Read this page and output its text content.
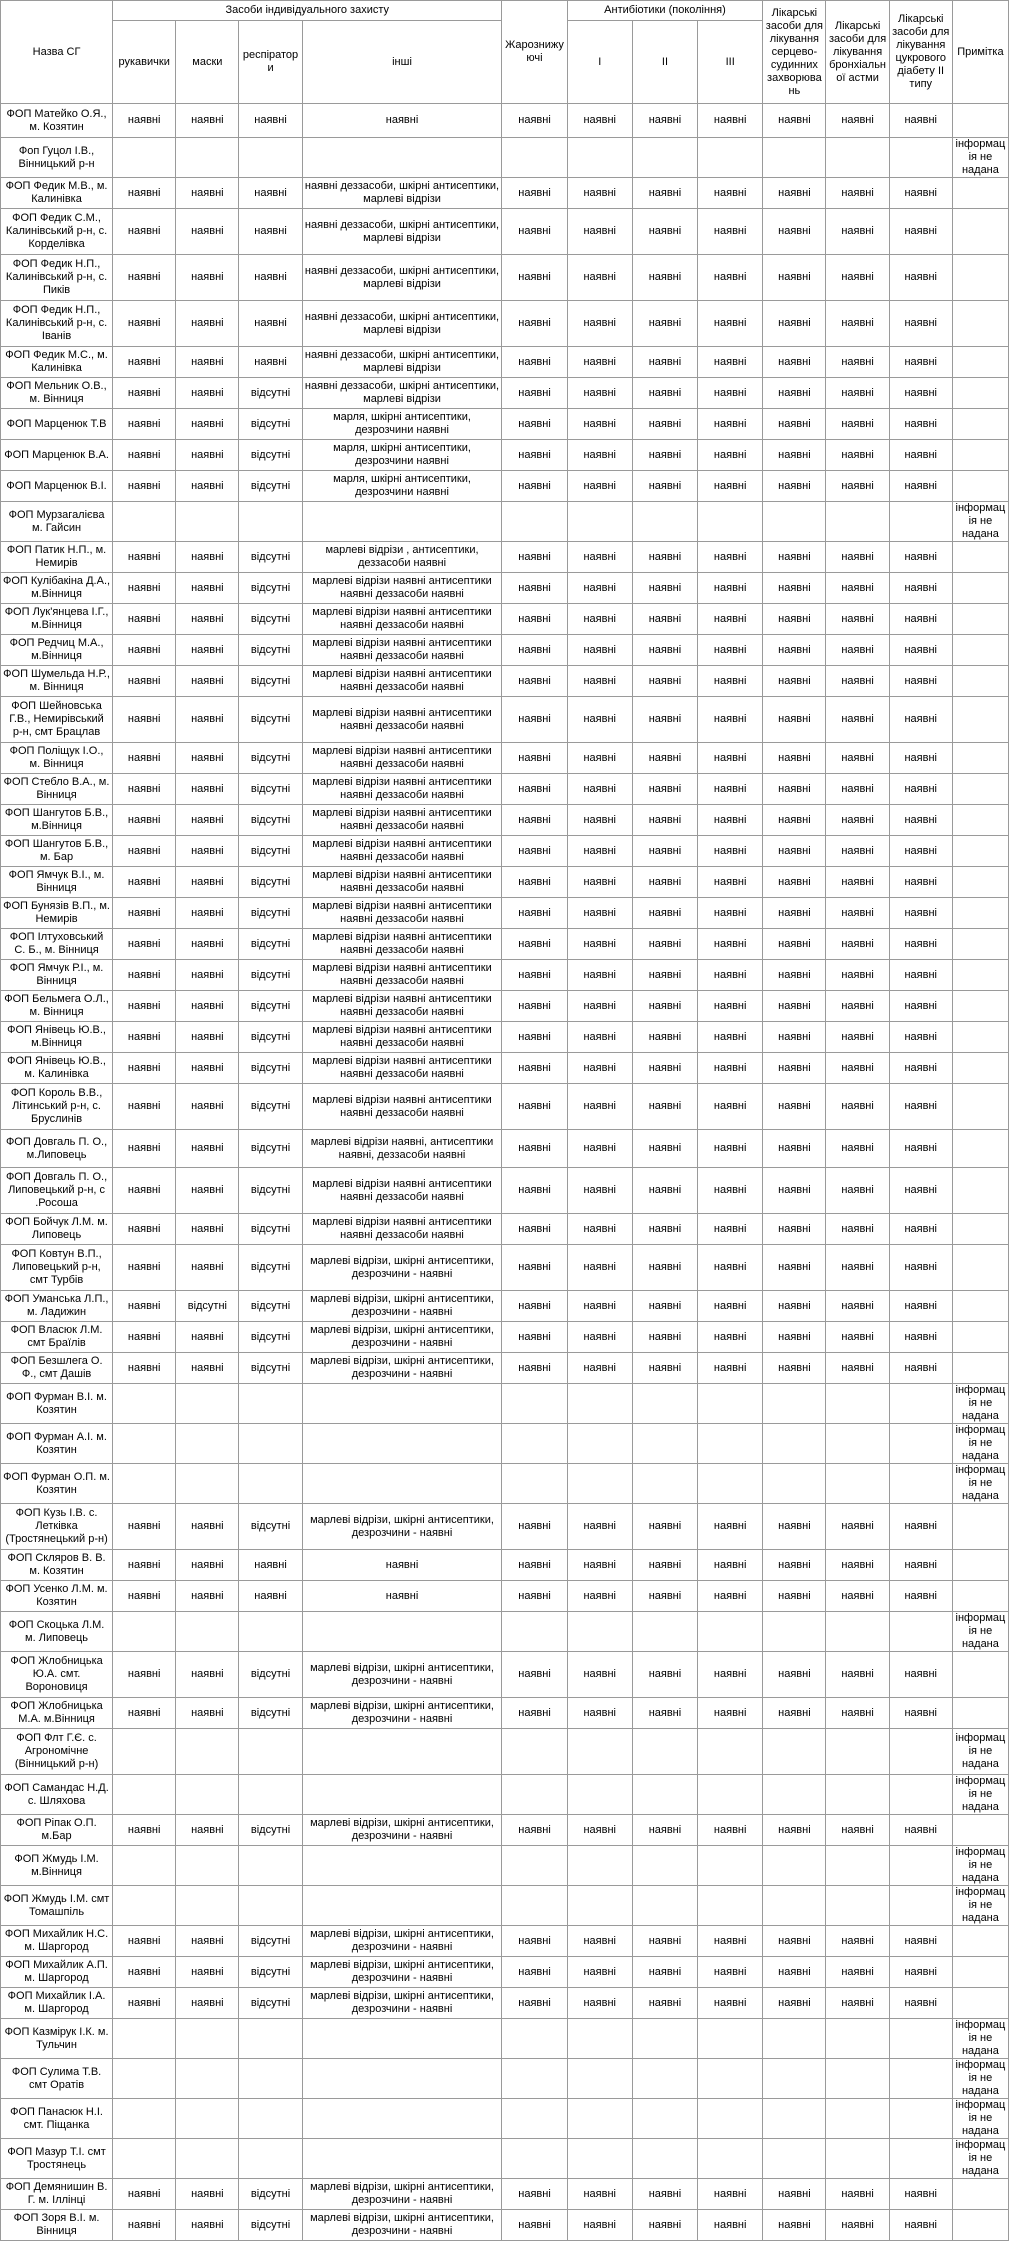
Назва СГ	Засоби індивідуального захисту				Жарознижуючі	Антибіотики (покоління)			Лікарські засоби для лікування серцево-судинних захворювань	Лікарські засоби для лікування бронхіальної астми	Лікарські засоби для лікування цукрового діабету ІІ типу	Примітка
	рукавички	маски	респіратор и	інші		І	ІІ	ІІІ				
ФОП Матейко О.Я., м. Козятин	наявні	наявні	наявні	наявні	наявні	наявні	наявні	наявні	наявні	наявні	наявні	
Фоп Гуцол І.В., Вінницький р-н												інформація не надана
ФОП Федик М.В., м. Калинівка	наявні	наявні	наявні	наявні деззасоби, шкірні антисептики, марлеві відрізи	наявні	наявні	наявні	наявні	наявні	наявні	наявні	
ФОП Федик С.М., Калинівський р-н, с. Корделівка	наявні	наявні	наявні	наявні деззасоби, шкірні антисептики, марлеві відрізи	наявні	наявні	наявні	наявні	наявні	наявні	наявні	
ФОП Федик Н.П., Калинівський р-н, с. Пиків	наявні	наявні	наявні	наявні деззасоби, шкірні антисептики, марлеві відрізи	наявні	наявні	наявні	наявні	наявні	наявні	наявні	
ФОП Федик Н.П., Калинівський р-н, с. Іванів	наявні	наявні	наявні	наявні деззасоби, шкірні антисептики, марлеві відрізи	наявні	наявні	наявні	наявні	наявні	наявні	наявні	
ФОП Федик М.С., м. Калинівка	наявні	наявні	наявні	наявні деззасоби, шкірні антисептики, марлеві відрізи	наявні	наявні	наявні	наявні	наявні	наявні	наявні	
ФОП Мельник О.В., м. Вінниця	наявні	наявні	відсутні	наявні деззасоби, шкірні антисептики, марлеві відрізи	наявні	наявні	наявні	наявні	наявні	наявні	наявні	
ФОП Марценюк Т.В	наявні	наявні	відсутні	марля, шкірні антисептики, дезрозчини наявні	наявні	наявні	наявні	наявні	наявні	наявні	наявні	
ФОП Марценюк В.А.	наявні	наявні	відсутні	марля, шкірні антисептики, дезрозчини наявні	наявні	наявні	наявні	наявні	наявні	наявні	наявні	
ФОП Марценюк В.І.	наявні	наявні	відсутні	марля, шкірні антисептики, дезрозчини наявні	наявні	наявні	наявні	наявні	наявні	наявні	наявні	
ФОП Мурзагалієва м. Гайсин												інформація не надана
ФОП Патик Н.П., м. Немирів	наявні	наявні	відсутні	марлеві відрізи , антисептики, деззасоби наявні	наявні	наявні	наявні	наявні	наявні	наявні	наявні	
ФОП Кулібакіна Д.А., м.Вінниця	наявні	наявні	відсутні	марлеві відрізи наявні антисептики наявні деззасоби наявні	наявні	наявні	наявні	наявні	наявні	наявні	наявні	
ФОП Лук'янцева І.Г., м.Вінниця	наявні	наявні	відсутні	марлеві відрізи наявні антисептики наявні деззасоби наявні	наявні	наявні	наявні	наявні	наявні	наявні	наявні	
ФОП Редчиц М.А., м.Вінниця	наявні	наявні	відсутні	марлеві відрізи наявні антисептики наявні деззасоби наявні	наявні	наявні	наявні	наявні	наявні	наявні	наявні	
ФОП Шумельда Н.Р., м. Вінниця	наявні	наявні	відсутні	марлеві відрізи наявні антисептики наявні деззасоби наявні	наявні	наявні	наявні	наявні	наявні	наявні	наявні	
ФОП Шейновська Г.В., Немирівський р-н, смт Брацлав	наявні	наявні	відсутні	марлеві відрізи наявні антисептики наявні деззасоби наявні	наявні	наявні	наявні	наявні	наявні	наявні	наявні	
ФОП Поліщук І.О., м. Вінниця	наявні	наявні	відсутні	марлеві відрізи наявні антисептики наявні деззасоби наявні	наявні	наявні	наявні	наявні	наявні	наявні	наявні	
ФОП Стебло В.А., м. Вінниця	наявні	наявні	відсутні	марлеві відрізи наявні антисептики наявні деззасоби наявні	наявні	наявні	наявні	наявні	наявні	наявні	наявні	
ФОП Шангутов Б.В., м.Вінниця	наявні	наявні	відсутні	марлеві відрізи наявні антисептики наявні деззасоби наявні	наявні	наявні	наявні	наявні	наявні	наявні	наявні	
ФОП Шангутов Б.В., м. Бар	наявні	наявні	відсутні	марлеві відрізи наявні антисептики наявні деззасоби наявні	наявні	наявні	наявні	наявні	наявні	наявні	наявні	
ФОП Ямчук В.І., м. Вінниця	наявні	наявні	відсутні	марлеві відрізи наявні антисептики наявні деззасоби наявні	наявні	наявні	наявні	наявні	наявні	наявні	наявні	
ФОП Бунязів В.П., м. Немирів	наявні	наявні	відсутні	марлеві відрізи наявні антисептики наявні деззасоби наявні	наявні	наявні	наявні	наявні	наявні	наявні	наявні	
ФОП Ілтуховський С. Б., м. Вінниця	наявні	наявні	відсутні	марлеві відрізи наявні антисептики наявні деззасоби наявні	наявні	наявні	наявні	наявні	наявні	наявні	наявні	
ФОП Ямчук Р.І., м. Вінниця	наявні	наявні	відсутні	марлеві відрізи наявні антисептики наявні деззасоби наявні	наявні	наявні	наявні	наявні	наявні	наявні	наявні	
ФОП Бельмега О.Л., м. Вінниця	наявні	наявні	відсутні	марлеві відрізи наявні антисептики наявні деззасоби наявні	наявні	наявні	наявні	наявні	наявні	наявні	наявні	
ФОП Янівець Ю.В., м.Вінниця	наявні	наявні	відсутні	марлеві відрізи наявні антисептики наявні деззасоби наявні	наявні	наявні	наявні	наявні	наявні	наявні	наявні	
ФОП Янівець Ю.В., м. Калинівка	наявні	наявні	відсутні	марлеві відрізи наявні антисептики наявні деззасоби наявні	наявні	наявні	наявні	наявні	наявні	наявні	наявні	
ФОП Король В.В., Літинський р-н, с. Бруслинів	наявні	наявні	відсутні	марлеві відрізи наявні антисептики наявні деззасоби наявні	наявні	наявні	наявні	наявні	наявні	наявні	наявні	
ФОП Довгаль П. О., м.Липовець	наявні	наявні	відсутні	марлеві відрізи наявні, антисептики наявні, деззасоби наявні	наявні	наявні	наявні	наявні	наявні	наявні	наявні	
ФОП Довгаль П. О., Липовецький р-н, с .Росоша	наявні	наявні	відсутні	марлеві відрізи наявні антисептики наявні деззасоби наявні	наявні	наявні	наявні	наявні	наявні	наявні	наявні	
ФОП Бойчук Л.М. м. Липовець	наявні	наявні	відсутні	марлеві відрізи наявні антисептики наявні деззасоби наявні	наявні	наявні	наявні	наявні	наявні	наявні	наявні	
ФОП Ковтун В.П., Липовецький р-н, смт Турбів	наявні	наявні	відсутні	марлеві відрізи, шкірні антисептики, дезрозчини - наявні	наявні	наявні	наявні	наявні	наявні	наявні	наявні	
ФОП Уманська Л.П., м. Ладижин	наявні	відсутні	відсутні	марлеві відрізи, шкірні антисептики, дезрозчини - наявні	наявні	наявні	наявні	наявні	наявні	наявні	наявні	
ФОП Власюк Л.М. смт Браїлів	наявні	наявні	відсутні	марлеві відрізи, шкірні антисептики, дезрозчини - наявні	наявні	наявні	наявні	наявні	наявні	наявні	наявні	
ФОП Безшлега О. Ф., смт Дашів	наявні	наявні	відсутні	марлеві відрізи, шкірні антисептики, дезрозчини - наявні	наявні	наявні	наявні	наявні	наявні	наявні	наявні	
ФОП Фурман В.І. м. Козятин												інформація не надана
ФОП Фурман А.І. м. Козятин												інформація не надана
ФОП Фурман О.П. м. Козятин												інформація не надана
ФОП Кузь І.В. с. Летківка (Тростянецький р-н)	наявні	наявні	відсутні	марлеві відрізи, шкірні антисептики, дезрозчини - наявні	наявні	наявні	наявні	наявні	наявні	наявні	наявні	
ФОП Скляров В. В. м. Козятин	наявні	наявні	наявні	наявні	наявні	наявні	наявні	наявні	наявні	наявні	наявні	
ФОП Усенко Л.М. м. Козятин	наявні	наявні	наявні	наявні	наявні	наявні	наявні	наявні	наявні	наявні	наявні	
ФОП Скоцька Л.М. м. Липовець												інформація не надана
ФОП Жлобницька Ю.А. смт. Вороновиця	наявні	наявні	відсутні	марлеві відрізи, шкірні антисептики, дезрозчини - наявні	наявні	наявні	наявні	наявні	наявні	наявні	наявні	
ФОП Жлобницька М.А. м.Вінниця	наявні	наявні	відсутні	марлеві відрізи, шкірні антисептики, дезрозчини - наявні	наявні	наявні	наявні	наявні	наявні	наявні	наявні	
ФОП Флт Г.Є. с. Агрономічне (Вінницький р-н)												інформація не надана
ФОП Самандас Н.Д. с. Шляхова												інформація не надана
ФОП Ріпак О.П. м.Бар	наявні	наявні	відсутні	марлеві відрізи, шкірні антисептики, дезрозчини - наявні	наявні	наявні	наявні	наявні	наявні	наявні	наявні	
ФОП Жмудь І.М. м.Вінниця												інформація не надана
ФОП Жмудь І.М. смт Томашпіль												інформація не надана
ФОП Михайлик Н.С. м. Шаргород	наявні	наявні	відсутні	марлеві відрізи, шкірні антисептики, дезрозчини - наявні	наявні	наявні	наявні	наявні	наявні	наявні	наявні	
ФОП Михайлик А.П. м. Шаргород	наявні	наявні	відсутні	марлеві відрізи, шкірні антисептики, дезрозчини - наявні	наявні	наявні	наявні	наявні	наявні	наявні	наявні	
ФОП Михайлик І.А. м. Шаргород	наявні	наявні	відсутні	марлеві відрізи, шкірні антисептики, дезрозчини - наявні	наявні	наявні	наявні	наявні	наявні	наявні	наявні	
ФОП Казмірук І.К. м. Тульчин												інформація не надана
ФОП Сулима Т.В. смт Оратів												інформація не надана
ФОП Панасюк Н.І. смт. Піщанка												інформація не надана
ФОП Мазур Т.І. смт Тростянець												інформація не надана
ФОП Демянишин В. Г. м. Іллінці	наявні	наявні	відсутні	марлеві відрізи, шкірні антисептики, дезрозчини - наявні	наявні	наявні	наявні	наявні	наявні	наявні	наявні	
ФОП Зоря В.І. м. Вінниця	наявні	наявні	відсутні	марлеві відрізи, шкірні антисептики, дезрозчини - наявні	наявні	наявні	наявні	наявні	наявні	наявні	наявні	
